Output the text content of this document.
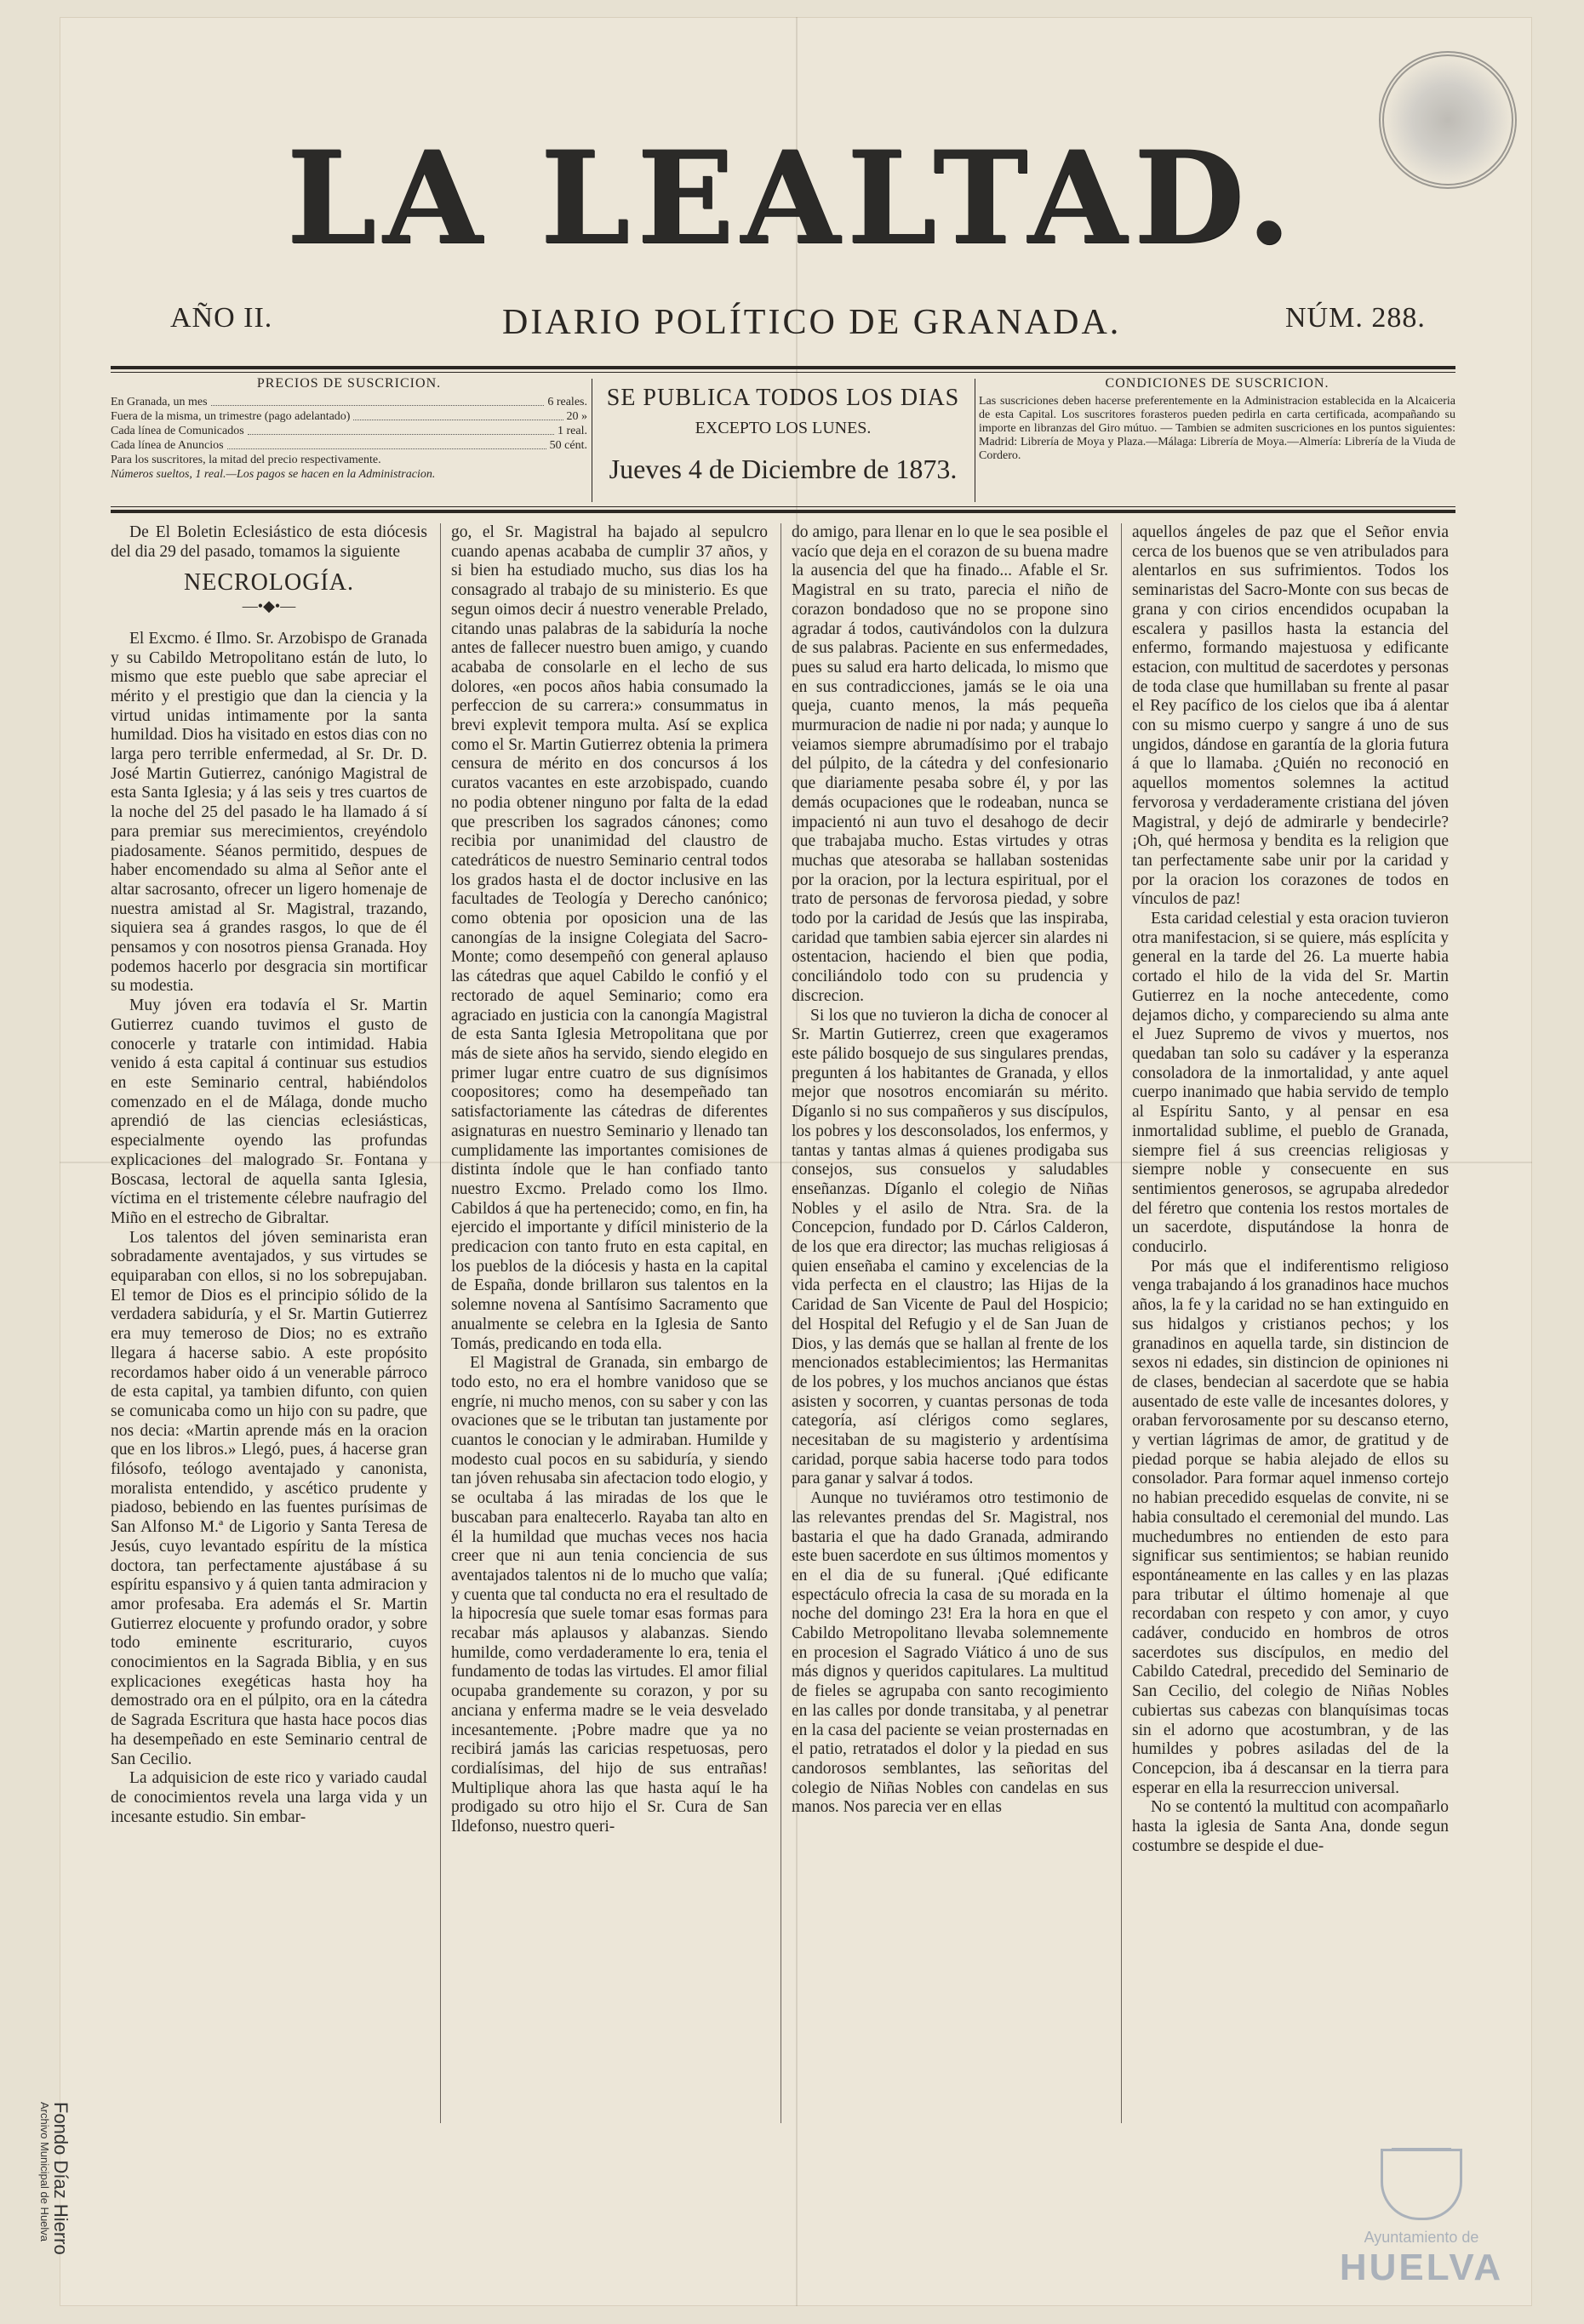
LA LEALTAD.
AÑO II.	DIARIO POLÍTICO DE GRANADA.	NÚM. 288.
PRECIOS DE SUSCRICION.
En Granada, un mes	6 reales.
Fuera de la misma, un trimestre (pago adelantado)	20 »
Cada línea de Comunicados	1 real.
Cada línea de Anuncios	50 cént.
Para los suscritores, la mitad del precio respectivamente.
Números sueltos, 1 real.—Los pagos se hacen en la Administracion.
SE PUBLICA TODOS LOS DIAS
EXCEPTO LOS LUNES.
Jueves 4 de Diciembre de 1873.
CONDICIONES DE SUSCRICION.
Las suscriciones deben hacerse preferentemente en la Administracion establecida en la Alcaiceria de esta Capital. Los suscritores forasteros pueden pedirla en carta certificada, acompañando su importe en libranzas del Giro mútuo. — Tambien se admiten suscriciones en los puntos siguientes: Madrid: Librería de Moya y Plaza.—Málaga: Librería de Moya.—Almería: Librería de la Viuda de Cordero.

De El Boletin Eclesiástico de esta diócesis del dia 29 del pasado, tomamos la siguiente

NECROLOGÍA.
—•◆•—

El Excmo. é Ilmo. Sr. Arzobispo de Granada y su Cabildo Metropolitano están de luto, lo mismo que este pueblo que sabe apreciar el mérito y el prestigio que dan la ciencia y la virtud unidas intimamente por la santa humildad. Dios ha visitado en estos dias con no larga pero terrible enfermedad, al Sr. Dr. D. José Martin Gutierrez, canónigo Magistral de esta Santa Iglesia; y á las seis y tres cuartos de la noche del 25 del pasado le ha llamado á sí para premiar sus merecimientos, creyéndolo piadosamente. Séanos permitido, despues de haber encomendado su alma al Señor ante el altar sacrosanto, ofrecer un ligero homenaje de nuestra amistad al Sr. Magistral, trazando, siquiera sea á grandes rasgos, lo que de él pensamos y con nosotros piensa Granada. Hoy podemos hacerlo por desgracia sin mortificar su modestia.

Muy jóven era todavía el Sr. Martin Gutierrez cuando tuvimos el gusto de conocerle y tratarle con intimidad. Habia venido á esta capital á continuar sus estudios en este Seminario central, habiéndolos comenzado en el de Málaga, donde mucho aprendió de las ciencias eclesiásticas, especialmente oyendo las profundas explicaciones del malogrado Sr. Fontana y Boscasa, lectoral de aquella santa Iglesia, víctima en el tristemente célebre naufragio del Miño en el estrecho de Gibraltar.

Los talentos del jóven seminarista eran sobradamente aventajados, y sus virtudes se equiparaban con ellos, si no los sobrepujaban. El temor de Dios es el principio sólido de la verdadera sabiduría, y el Sr. Martin Gutierrez era muy temeroso de Dios; no es extraño llegara á hacerse sabio. A este propósito recordamos haber oido á un venerable párroco de esta capital, ya tambien difunto, con quien se comunicaba como un hijo con su padre, que nos decia: «Martin aprende más en la oracion que en los libros.» Llegó, pues, á hacerse gran filósofo, teólogo aventajado y canonista, moralista entendido, y ascético prudente y piadoso, bebiendo en las fuentes purísimas de San Alfonso M.ª de Ligorio y Santa Teresa de Jesús, cuyo levantado espíritu de la mística doctora, tan perfectamente ajustábase á su espíritu espansivo y á quien tanta admiracion y amor profesaba. Era además el Sr. Martin Gutierrez elocuente y profundo orador, y sobre todo eminente escriturario, cuyos conocimientos en la Sagrada Biblia, y en sus explicaciones exegéticas hasta hoy ha demostrado ora en el púlpito, ora en la cátedra de Sagrada Escritura que hasta hace pocos dias ha desempeñado en este Seminario central de San Cecilio.

La adquisicion de este rico y variado caudal de conocimientos revela una larga vida y un incesante estudio. Sin embar-

go, el Sr. Magistral ha bajado al sepulcro cuando apenas acababa de cumplir 37 años, y si bien ha estudiado mucho, sus dias los ha consagrado al trabajo de su ministerio. Es que segun oimos decir á nuestro venerable Prelado, citando unas palabras de la sabiduría la noche antes de fallecer nuestro buen amigo, y cuando acababa de consolarle en el lecho de sus dolores, «en pocos años habia consumado la perfeccion de su carrera:» consummatus in brevi explevit tempora multa. Así se explica como el Sr. Martin Gutierrez obtenia la primera censura de mérito en dos concursos á los curatos vacantes en este arzobispado, cuando no podia obtener ninguno por falta de la edad que prescriben los sagrados cánones; como recibia por unanimidad del claustro de catedráticos de nuestro Seminario central todos los grados hasta el de doctor inclusive en las facultades de Teología y Derecho canónico; como obtenia por oposicion una de las canongías de la insigne Colegiata del Sacro-Monte; como desempeñó con general aplauso las cátedras que aquel Cabildo le confió y el rectorado de aquel Seminario; como era agraciado en justicia con la canongía Magistral de esta Santa Iglesia Metropolitana que por más de siete años ha servido, siendo elegido en primer lugar entre cuatro de sus dignísimos coopositores; como ha desempeñado tan satisfactoriamente las cátedras de diferentes asignaturas en nuestro Seminario y llenado tan cumplidamente las importantes comisiones de distinta índole que le han confiado tanto nuestro Excmo. Prelado como los Ilmo. Cabildos á que ha pertenecido; como, en fin, ha ejercido el importante y difícil ministerio de la predicacion con tanto fruto en esta capital, en los pueblos de la diócesis y hasta en la capital de España, donde brillaron sus talentos en la solemne novena al Santísimo Sacramento que anualmente se celebra en la Iglesia de Santo Tomás, predicando en toda ella.

El Magistral de Granada, sin embargo de todo esto, no era el hombre vanidoso que se engríe, ni mucho menos, con su saber y con las ovaciones que se le tributan tan justamente por cuantos le conocian y le admiraban. Humilde y modesto cual pocos en su sabiduría, y siendo tan jóven rehusaba sin afectacion todo elogio, y se ocultaba á las miradas de los que le buscaban para enaltecerlo. Rayaba tan alto en él la humildad que muchas veces nos hacia creer que ni aun tenia conciencia de sus aventajados talentos ni de lo mucho que valía; y cuenta que tal conducta no era el resultado de la hipocresía que suele tomar esas formas para recabar más aplausos y alabanzas. Siendo humilde, como verdaderamente lo era, tenia el fundamento de todas las virtudes. El amor filial ocupaba grandemente su corazon, y por su anciana y enferma madre se le veia desvelado incesantemente. ¡Pobre madre que ya no recibirá jamás las caricias respetuosas, pero cordialísimas, del hijo de sus entrañas! Multiplique ahora las que hasta aquí le ha prodigado su otro hijo el Sr. Cura de San Ildefonso, nuestro queri-

do amigo, para llenar en lo que le sea posible el vacío que deja en el corazon de su buena madre la ausencia del que ha finado... Afable el Sr. Magistral en su trato, parecia el niño de corazon bondadoso que no se propone sino agradar á todos, cautivándolos con la dulzura de sus palabras. Paciente en sus enfermedades, pues su salud era harto delicada, lo mismo que en sus contradicciones, jamás se le oia una queja, cuanto menos, la más pequeña murmuracion de nadie ni por nada; y aunque lo veiamos siempre abrumadísimo por el trabajo del púlpito, de la cátedra y del confesionario que diariamente pesaba sobre él, y por las demás ocupaciones que le rodeaban, nunca se impacientó ni aun tuvo el desahogo de decir que trabajaba mucho. Estas virtudes y otras muchas que atesoraba se hallaban sostenidas por la oracion, por la lectura espiritual, por el trato de personas de fervorosa piedad, y sobre todo por la caridad de Jesús que las inspiraba, caridad que tambien sabia ejercer sin alardes ni ostentacion, haciendo el bien que podia, conciliándolo todo con su prudencia y discrecion.

Si los que no tuvieron la dicha de conocer al Sr. Martin Gutierrez, creen que exageramos este pálido bosquejo de sus singulares prendas, pregunten á los habitantes de Granada, y ellos mejor que nosotros encomiarán su mérito. Díganlo si no sus compañeros y sus discípulos, los pobres y los desconsolados, los enfermos, y tantas y tantas almas á quienes prodigaba sus consejos, sus consuelos y saludables enseñanzas. Díganlo el colegio de Niñas Nobles y el asilo de Ntra. Sra. de la Concepcion, fundado por D. Cárlos Calderon, de los que era director; las muchas religiosas á quien enseñaba el camino y excelencias de la vida perfecta en el claustro; las Hijas de la Caridad de San Vicente de Paul del Hospicio; del Hospital del Refugio y el de San Juan de Dios, y las demás que se hallan al frente de los mencionados establecimientos; las Hermanitas de los pobres, y los muchos ancianos que éstas asisten y socorren, y cuantas personas de toda categoría, así clérigos como seglares, necesitaban de su magisterio y ardentísima caridad, porque sabia hacerse todo para todos para ganar y salvar á todos.

Aunque no tuviéramos otro testimonio de las relevantes prendas del Sr. Magistral, nos bastaria el que ha dado Granada, admirando este buen sacerdote en sus últimos momentos y en el dia de su funeral. ¡Qué edificante espectáculo ofrecia la casa de su morada en la noche del domingo 23! Era la hora en que el Cabildo Metropolitano llevaba solemnemente en procesion el Sagrado Viático á uno de sus más dignos y queridos capitulares. La multitud de fieles se agrupaba con santo recogimiento en las calles por donde transitaba, y al penetrar en la casa del paciente se veian prosternadas en el patio, retratados el dolor y la piedad en sus candorosos semblantes, las señoritas del colegio de Niñas Nobles con candelas en sus manos. Nos parecia ver en ellas

aquellos ángeles de paz que el Señor envia cerca de los buenos que se ven atribulados para alentarlos en sus sufrimientos. Todos los seminaristas del Sacro-Monte con sus becas de grana y con cirios encendidos ocupaban la escalera y pasillos hasta la estancia del enfermo, formando majestuosa y edificante estacion, con multitud de sacerdotes y personas de toda clase que humillaban su frente al pasar el Rey pacífico de los cielos que iba á alentar con su mismo cuerpo y sangre á uno de sus ungidos, dándose en garantía de la gloria futura á que lo llamaba. ¿Quién no reconoció en aquellos momentos solemnes la actitud fervorosa y verdaderamente cristiana del jóven Magistral, y dejó de admirarle y bendecirle? ¡Oh, qué hermosa y bendita es la religion que tan perfectamente sabe unir por la caridad y por la oracion los corazones de todos en vínculos de paz!

Esta caridad celestial y esta oracion tuvieron otra manifestacion, si se quiere, más esplícita y general en la tarde del 26. La muerte habia cortado el hilo de la vida del Sr. Martin Gutierrez en la noche antecedente, como dejamos dicho, y compareciendo su alma ante el Juez Supremo de vivos y muertos, nos quedaban tan solo su cadáver y la esperanza consoladora de la inmortalidad, y ante aquel cuerpo inanimado que habia servido de templo al Espíritu Santo, y al pensar en esa inmortalidad sublime, el pueblo de Granada, siempre fiel á sus creencias religiosas y siempre noble y consecuente en sus sentimientos generosos, se agrupaba alrededor del féretro que contenia los restos mortales de un sacerdote, disputándose la honra de conducirlo.

Por más que el indiferentismo religioso venga trabajando á los granadinos hace muchos años, la fe y la caridad no se han extinguido en sus hidalgos y cristianos pechos; y los granadinos en aquella tarde, sin distincion de sexos ni edades, sin distincion de opiniones ni de clases, bendecian al sacerdote que se habia ausentado de este valle de incesantes dolores, y oraban fervorosamente por su descanso eterno, y vertian lágrimas de amor, de gratitud y de piedad porque se habia alejado de ellos su consolador. Para formar aquel inmenso cortejo no habian precedido esquelas de convite, ni se habia consultado el ceremonial del mundo. Las muchedumbres no entienden de esto para significar sus sentimientos; se habian reunido espontáneamente en las calles y en las plazas para tributar el último homenaje al que recordaban con respeto y con amor, y cuyo cadáver, conducido en hombros de otros sacerdotes sus discípulos, en medio del Cabildo Catedral, precedido del Seminario de San Cecilio, del colegio de Niñas Nobles cubiertas sus cabezas con blanquísimas tocas sin el adorno que acostumbran, y de las humildes y pobres asiladas del de la Concepcion, iba á descansar en la tierra para esperar en ella la resurreccion universal.

No se contentó la multitud con acompañarlo hasta la iglesia de Santa Ana, donde segun costumbre se despide el due-

Archivo Municipal de Huelva Fondo Díaz Hierro	Ayuntamiento de
HUELVA
